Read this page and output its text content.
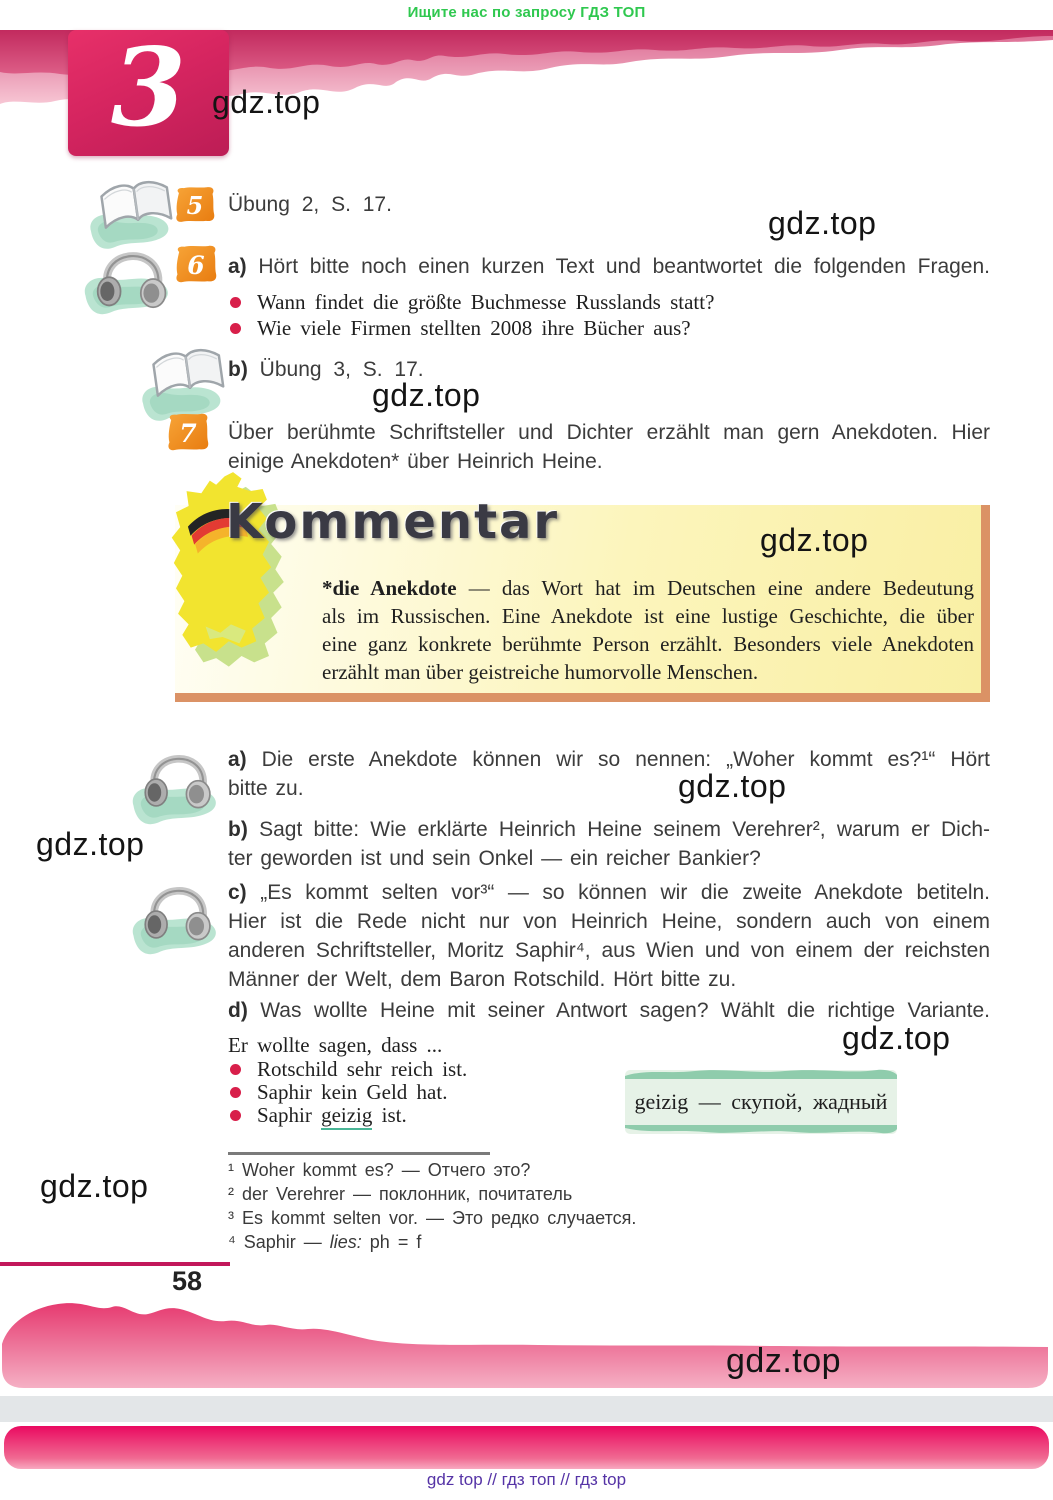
Ищите нас по запросу ГДЗ ТОП
3 gdz.top
gdz.top
gdz.top
gdz.top
gdz.top
gdz.top
gdz.top
gdz.top
gdz.top
5 Übung 2, S. 17.
6 a) Hört bitte noch einen kurzen Text und beantwortet die folgenden Fragen.
Wann findet die größte Buchmesse Russlands statt?
Wie viele Firmen stellten 2008 ihre Bücher aus?
b) Übung 3, S. 17.
7 Über berühmte Schriftsteller und Dichter erzählt man gern Anekdoten. Hier
einige Anekdoten* über Heinrich Heine.
Kommentar
*die Anekdote — das Wort hat im Deutschen eine andere Bedeutung
als im Russischen. Eine Anekdote ist eine lustige Geschichte, die über
eine ganz konkrete berühmte Person erzählt. Besonders viele Anekdoten
erzählt man über geistreiche humorvolle Menschen.
a) Die erste Anekdote können wir so nennen: „Woher kommt es?¹“ Hört
bitte zu.
b) Sagt bitte: Wie erklärte Heinrich Heine seinem Verehrer², warum er Dich-
ter geworden ist und sein Onkel — ein reicher Bankier?
c) „Es kommt selten vor³“ — so können wir die zweite Anekdote betiteln.
Hier ist die Rede nicht nur von Heinrich Heine, sondern auch von einem
anderen Schriftsteller, Moritz Saphir⁴, aus Wien und von einem der reichsten
Männer der Welt, dem Baron Rotschild. Hört bitte zu.
d) Was wollte Heine mit seiner Antwort sagen? Wählt die richtige Variante.
Er wollte sagen, dass ...
Rotschild sehr reich ist.
Saphir kein Geld hat.
Saphir geizig ist.
geizig — скупой, жадный
¹ Woher kommt es? — Отчего это?
² der Verehrer — поклонник, почитатель
³ Es kommt selten vor. — Это редко случается.
⁴ Saphir — lies: ph = f
58
gdz top // гдз топ // гдз top
